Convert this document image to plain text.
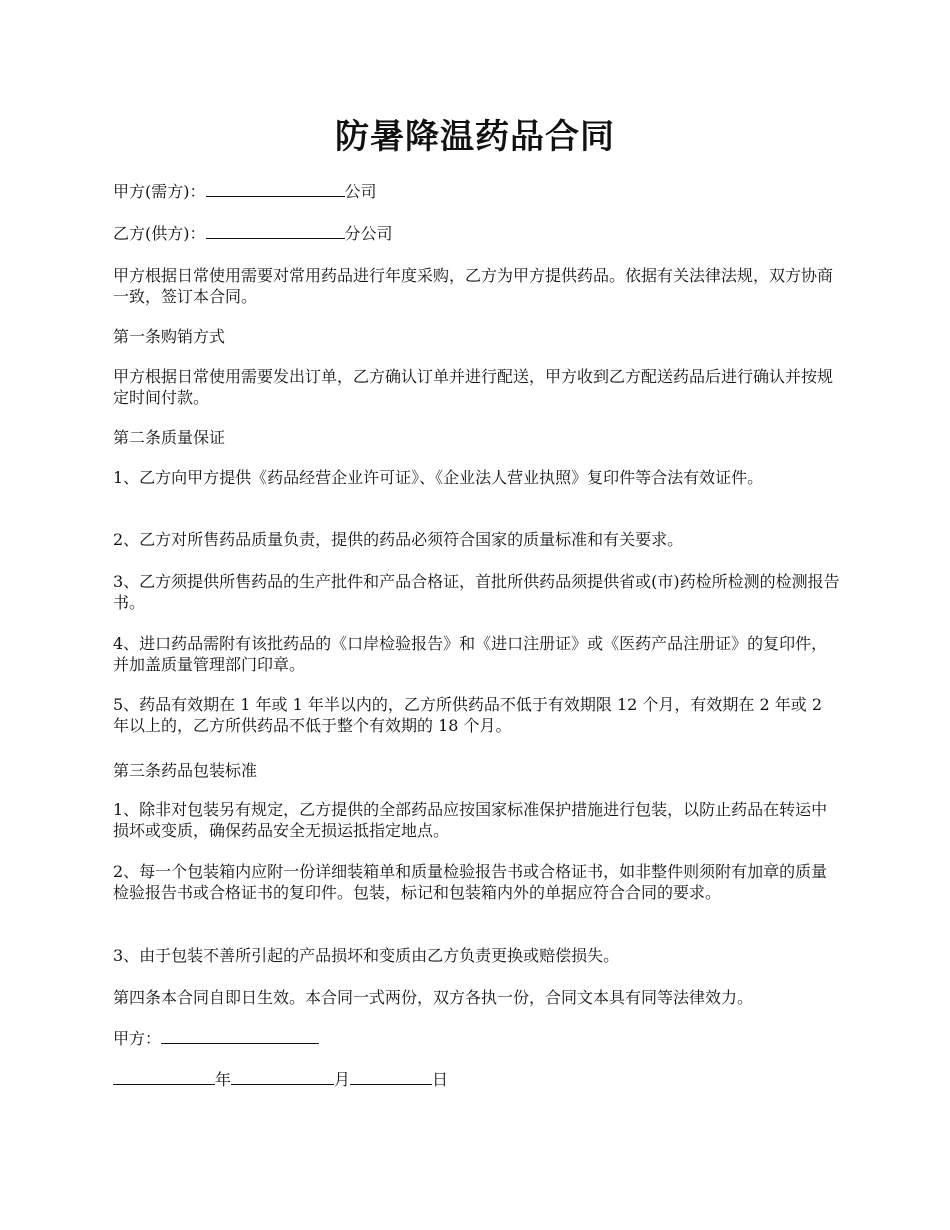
防暑降温药品合同
甲方(需方)：	公司
乙方(供方)：	分公司
甲方根据日常使用需要对常用药品进行年度采购，乙方为甲方提供药品。依据有关法律法规，双方协商一致，签订本合同。
第一条购销方式
甲方根据日常使用需要发出订单，乙方确认订单并进行配送，甲方收到乙方配送药品后进行确认并按规定时间付款。
第二条质量保证
1、乙方向甲方提供《药品经营企业许可证》、《企业法人营业执照》复印件等合法有效证件。
2、乙方对所售药品质量负责，提供的药品必须符合国家的质量标准和有关要求。
3、乙方须提供所售药品的生产批件和产品合格证，首批所供药品须提供省或(市)药检所检测的检测报告书。
4、进口药品需附有该批药品的《口岸检验报告》和《进口注册证》或《医药产品注册证》的复印件，并加盖质量管理部门印章。
5、药品有效期在 1 年或 1 年半以内的，乙方所供药品不低于有效期限 12 个月，有效期在 2 年或 2 年以上的，乙方所供药品不低于整个有效期的 18 个月。
第三条药品包装标准
1、除非对包装另有规定，乙方提供的全部药品应按国家标准保护措施进行包装，以防止药品在转运中损坏或变质，确保药品安全无损运抵指定地点。
2、每一个包装箱内应附一份详细装箱单和质量检验报告书或合格证书，如非整件则须附有加章的质量检验报告书或合格证书的复印件。包装，标记和包装箱内外的单据应符合合同的要求。
3、由于包装不善所引起的产品损坏和变质由乙方负责更换或赔偿损失。
第四条本合同自即日生效。本合同一式两份，双方各执一份，合同文本具有同等法律效力。
甲方：
年	月	日
